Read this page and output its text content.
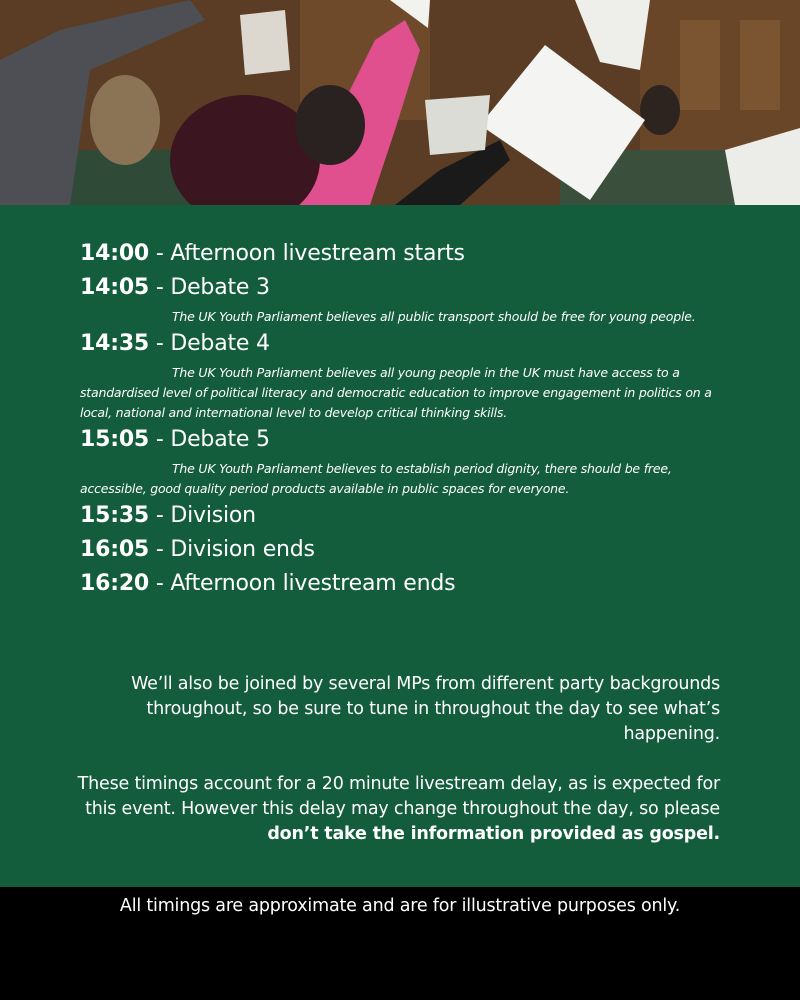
14:00 - Afternoon livestream starts
14:05 - Debate 3

The UK Youth Parliament believes all public transport should be free for young people.

14:35 - Debate 4

The UK Youth Parliament believes all young people in the UK must have access to a standardised level of political literacy and democratic education to improve engagement in politics on a local, national and international level to develop critical thinking skills.

15:05 - Debate 5

The UK Youth Parliament believes to establish period dignity, there should be free, accessible, good quality period products available in public spaces for everyone.

15:35 - Division
16:05 - Division ends
16:20 - Afternoon livestream ends

We’ll also be joined by several MPs from different party backgrounds throughout, so be sure to tune in throughout the day to see what’s happening.

These timings account for a 20 minute livestream delay, as is expected for this event. However this delay may change throughout the day, so please don’t take the information provided as gospel.

All timings are approximate and are for illustrative purposes only.
